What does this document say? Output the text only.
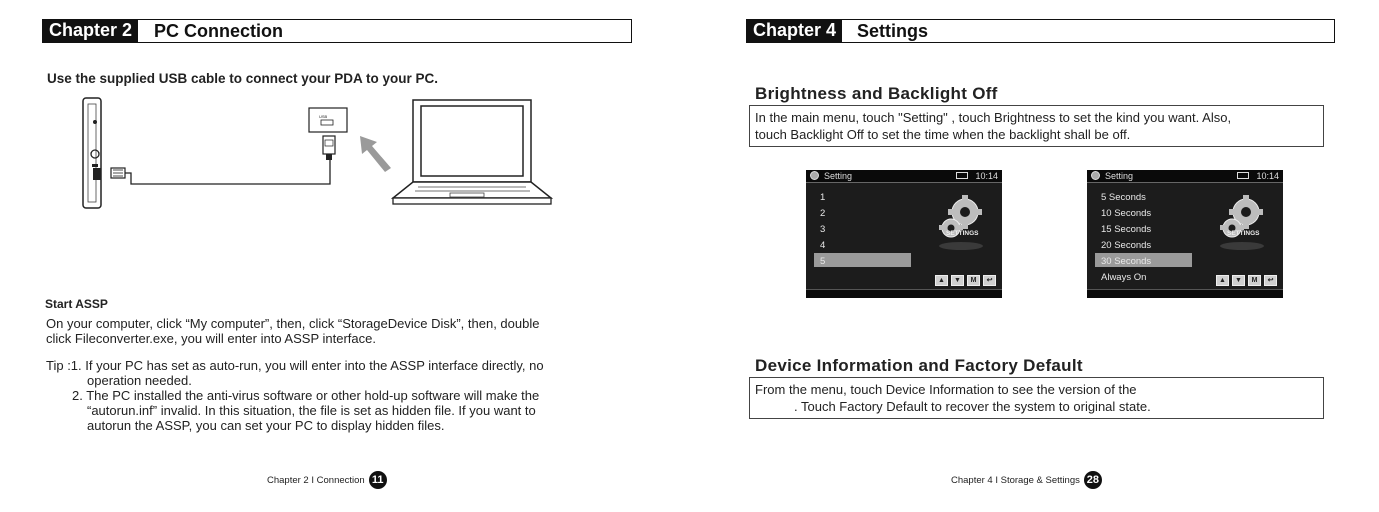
Chapter 2	PC Connection
Use the supplied USB cable to connect your PDA to your PC.
USB
Start ASSP
On your computer, click “My computer”, then, click “StorageDevice Disk”, then, double
click Fileconverter.exe, you will enter into ASSP interface.
Tip :1. If your PC has set as auto-run, you will enter into the ASSP interface directly, no
operation needed.
2. The PC installed the anti-virus software or other hold-up software will make the
“autorun.inf” invalid. In this situation, the file is set as hidden file. If you want to
autorun the ASSP, you can set your PC to display hidden files.
Chapter 2 I Connection 11
Chapter 4	Settings
Brightness and Backlight Off
In the main menu, touch "Setting" , touch Brightness to set the kind you want. Also,
touch Backlight Off to set the time when the backlight shall be off.
Setting	10:14
1
2
3
4
5
SETTINGS
▲	▼	M	↩
Setting	10:14
5 Seconds
10 Seconds
15 Seconds
20 Seconds
30 Seconds
Always On
SETTINGS
▲	▼	M	↩
Device Information and Factory Default
From the menu, touch Device Information to see the version of the
. Touch Factory Default to recover the system to original state.
Chapter 4 I Storage & Settings 28
